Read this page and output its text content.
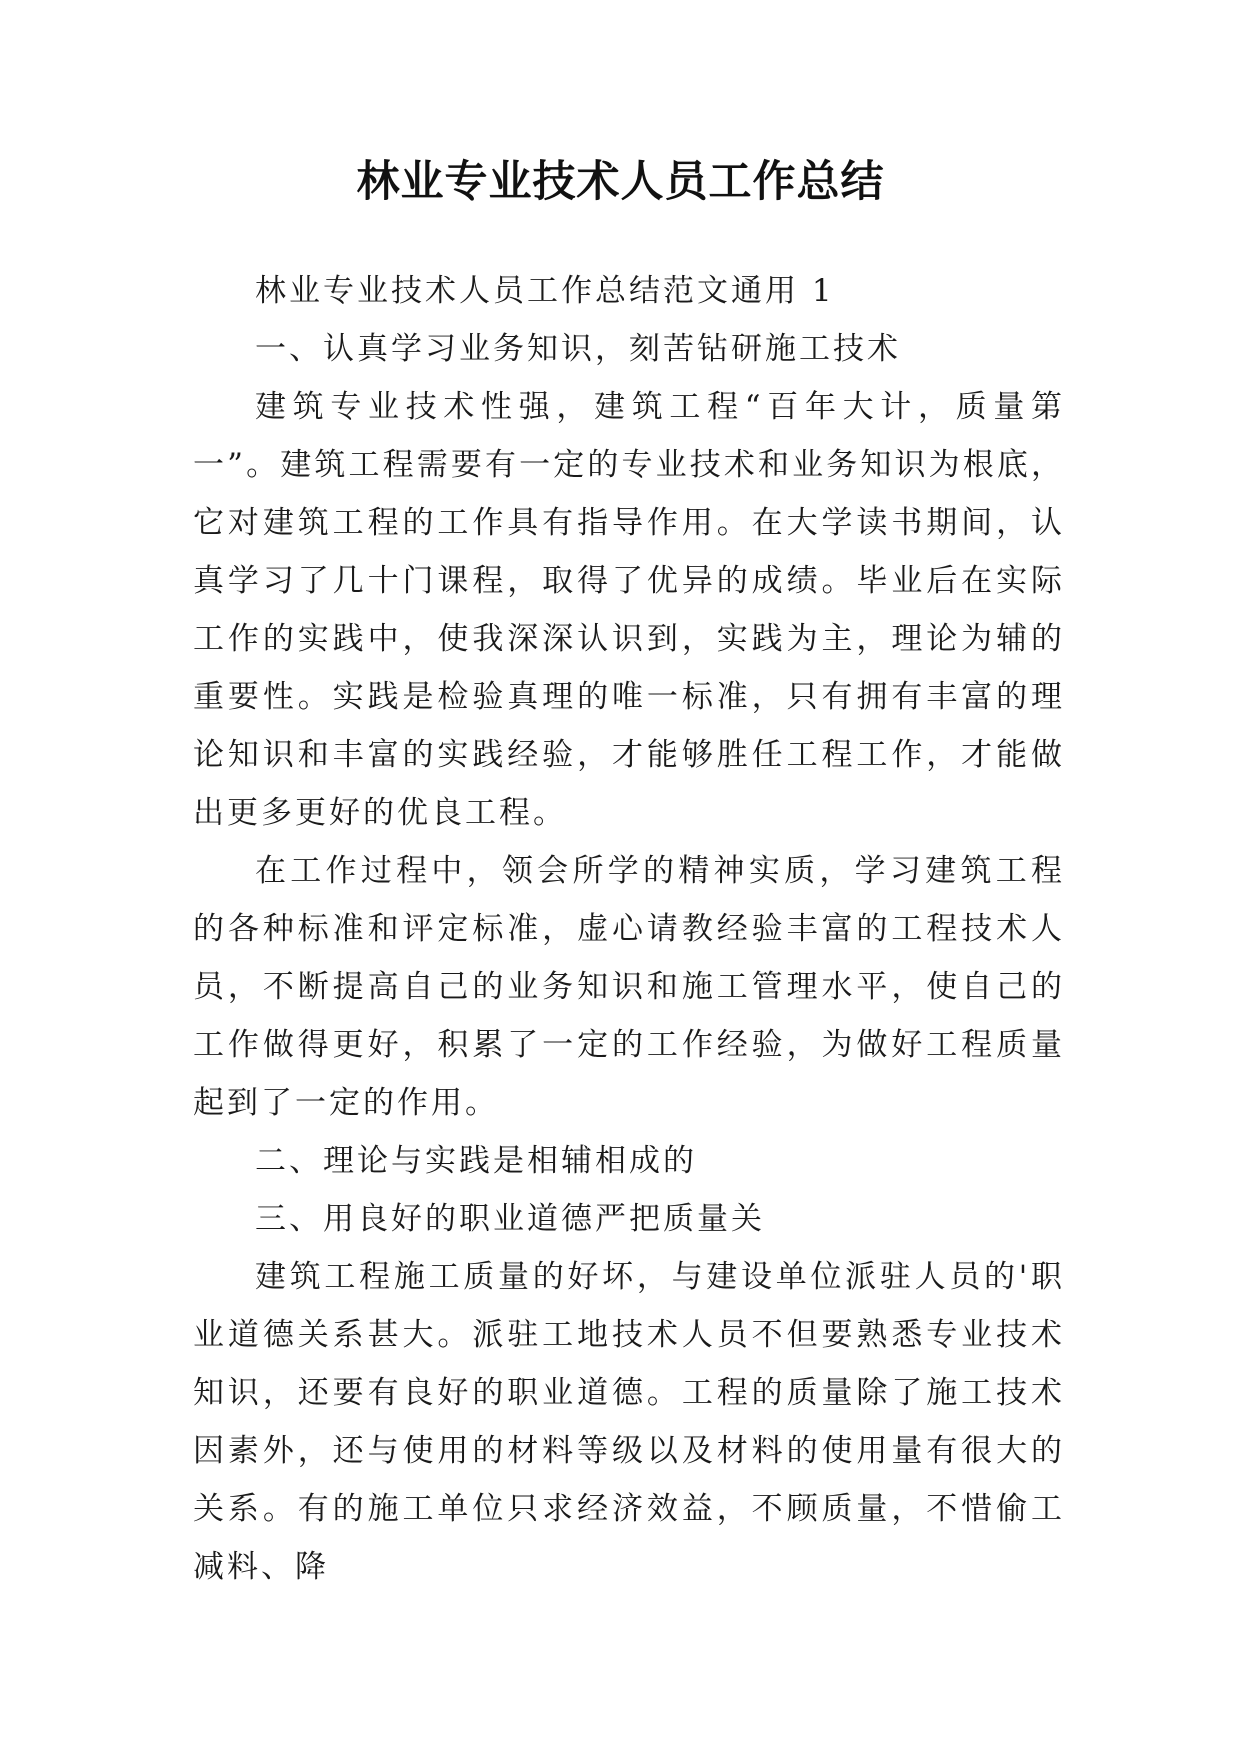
林业专业技术人员工作总结

林业专业技术人员工作总结范文通用 1

一、认真学习业务知识，刻苦钻研施工技术

建筑专业技术性强，建筑工程“百年大计，质量第一”。建筑工程需要有一定的专业技术和业务知识为根底，它对建筑工程的工作具有指导作用。在大学读书期间，认真学习了几十门课程，取得了优异的成绩。毕业后在实际工作的实践中，使我深深认识到，实践为主，理论为辅的重要性。实践是检验真理的唯一标准，只有拥有丰富的理论知识和丰富的实践经验，才能够胜任工程工作，才能做出更多更好的优良工程。

在工作过程中，领会所学的精神实质，学习建筑工程的各种标准和评定标准，虚心请教经验丰富的工程技术人员，不断提高自己的业务知识和施工管理水平，使自己的工作做得更好，积累了一定的工作经验，为做好工程质量起到了一定的作用。

二、理论与实践是相辅相成的

三、用良好的职业道德严把质量关

建筑工程施工质量的好坏，与建设单位派驻人员的'职业道德关系甚大。派驻工地技术人员不但要熟悉专业技术知识，还要有良好的职业道德。工程的质量除了施工技术因素外，还与使用的材料等级以及材料的使用量有很大的关系。有的施工单位只求经济效益，不顾质量，不惜偷工减料、降
